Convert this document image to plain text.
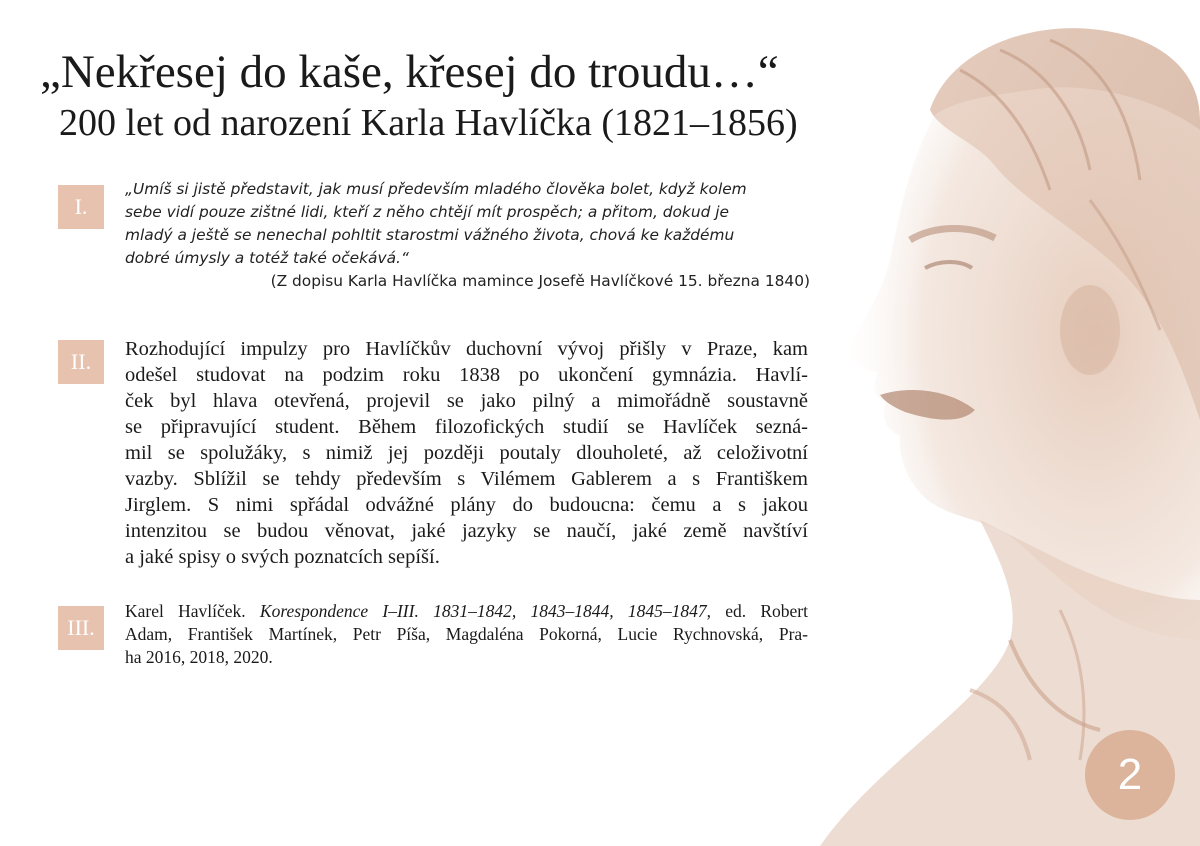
„Nekřesej do kaše, křesej do troudu…“
200 let od narození Karla Havlíčka (1821–1856)
I.
„Umíš si jistě představit, jak musí především mladého člověka bolet, když kolem
sebe vidí pouze zištné lidi, kteří z něho chtějí mít prospěch; a přitom, dokud je
mladý a ještě se nenechal pohltit starostmi vážného života, chová ke každému
dobré úmysly a totéž také očekává.“
(Z dopisu Karla Havlíčka mamince Josefě Havlíčkové 15. března 1840)
II.	Rozhodující impulzy pro Havlíčkův duchovní vývoj přišly v Praze, kam
odešel studovat na podzim roku 1838 po ukončení gymnázia. Havlí-
ček byl hlava otevřená, projevil se jako pilný a mimořádně soustavně
se připravující student. Během filozofických studií se Havlíček sezná-
mil se spolužáky, s nimiž jej později poutaly dlouholeté, až celoživotní
vazby. Sblížil se tehdy především s Vilémem Gablerem a s Františkem
Jirglem. S nimi spřádal odvážné plány do budoucna: čemu a s jakou
intenzitou se budou věnovat, jaké jazyky se naučí, jaké země navštíví
a jaké spisy o svých poznatcích sepíší.
III.
Karel Havlíček. Korespondence I–III. 1831–1842, 1843–1844, 1845–1847, ed. Robert
Adam, František Martínek, Petr Píša, Magdaléna Pokorná, Lucie Rychnovská, Pra-
ha 2016, 2018, 2020.
2
